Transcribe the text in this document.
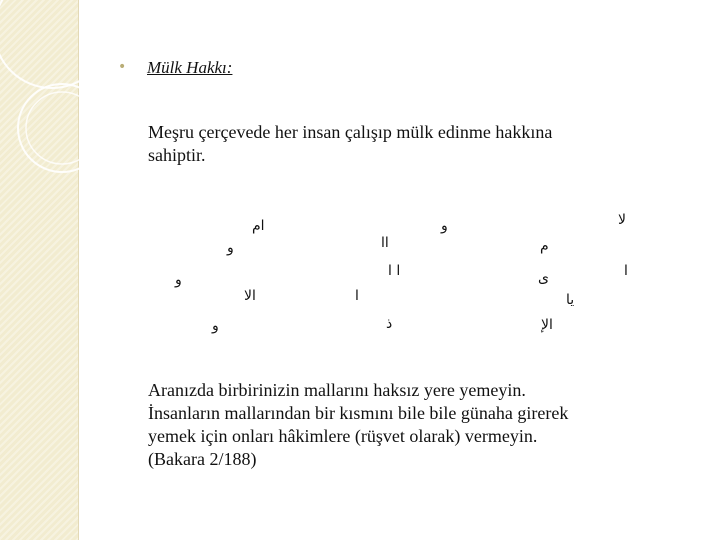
• Mülk Hakkı:
Meşru çerçevede her insan çalışıp mülk edinme hakkına
sahiptir.
ام	و	لا
و	اا	م
و
ا ا	ى	ا
الا	ا	يا
و	ذ	الإ
Aranızda birbirinizin mallarını haksız yere yemeyin.
İnsanların mallarından bir kısmını bile bile günaha girerek
yemek için onları hâkimlere (rüşvet olarak) vermeyin.
(Bakara 2/188)
